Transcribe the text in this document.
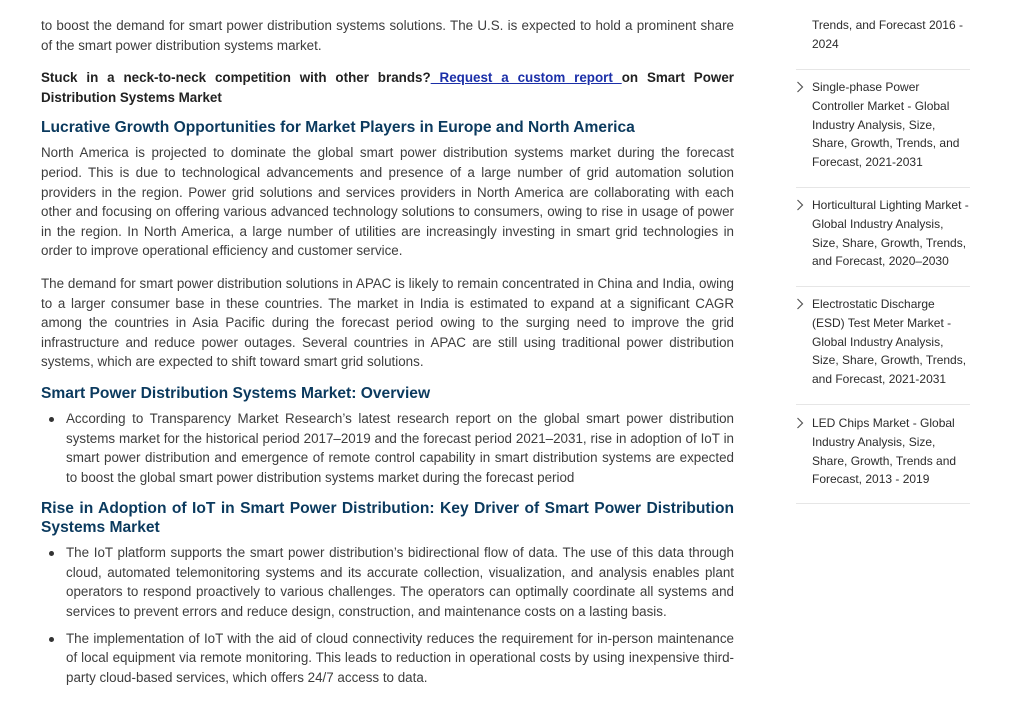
to boost the demand for smart power distribution systems solutions. The U.S. is expected to hold a prominent share of the smart power distribution systems market.

Stuck in a neck-to-neck competition with other brands? Request a custom report on Smart Power Distribution Systems Market

Lucrative Growth Opportunities for Market Players in Europe and North America

North America is projected to dominate the global smart power distribution systems market during the forecast period. This is due to technological advancements and presence of a large number of grid automation solution providers in the region. Power grid solutions and services providers in North America are collaborating with each other and focusing on offering various advanced technology solutions to consumers, owing to rise in usage of power in the region. In North America, a large number of utilities are increasingly investing in smart grid technologies in order to improve operational efficiency and customer service.

The demand for smart power distribution solutions in APAC is likely to remain concentrated in China and India, owing to a larger consumer base in these countries. The market in India is estimated to expand at a significant CAGR among the countries in Asia Pacific during the forecast period owing to the surging need to improve the grid infrastructure and reduce power outages. Several countries in APAC are still using traditional power distribution systems, which are expected to shift toward smart grid solutions.

Smart Power Distribution Systems Market: Overview
According to Transparency Market Research’s latest research report on the global smart power distribution systems market for the historical period 2017–2019 and the forecast period 2021–2031, rise in adoption of IoT in smart power distribution and emergence of remote control capability in smart distribution systems are expected to boost the global smart power distribution systems market during the forecast period
Rise in Adoption of IoT in Smart Power Distribution: Key Driver of Smart Power Distribution Systems Market
The IoT platform supports the smart power distribution’s bidirectional flow of data. The use of this data through cloud, automated telemonitoring systems and its accurate collection, visualization, and analysis enables plant operators to respond proactively to various challenges. The operators can optimally coordinate all systems and services to prevent errors and reduce design, construction, and maintenance costs on a lasting basis.
The implementation of IoT with the aid of cloud connectivity reduces the requirement for in-person maintenance of local equipment via remote monitoring. This leads to reduction in operational costs by using inexpensive third-party cloud-based services, which offers 24/7 access to data.
Trends, and Forecast 2016 - 2024
Single-phase Power Controller Market - Global Industry Analysis, Size, Share, Growth, Trends, and Forecast, 2021-2031
Horticultural Lighting Market - Global Industry Analysis, Size, Share, Growth, Trends, and Forecast, 2020–2030
Electrostatic Discharge (ESD) Test Meter Market - Global Industry Analysis, Size, Share, Growth, Trends, and Forecast, 2021-2031
LED Chips Market - Global Industry Analysis, Size, Share, Growth, Trends and Forecast, 2013 - 2019
